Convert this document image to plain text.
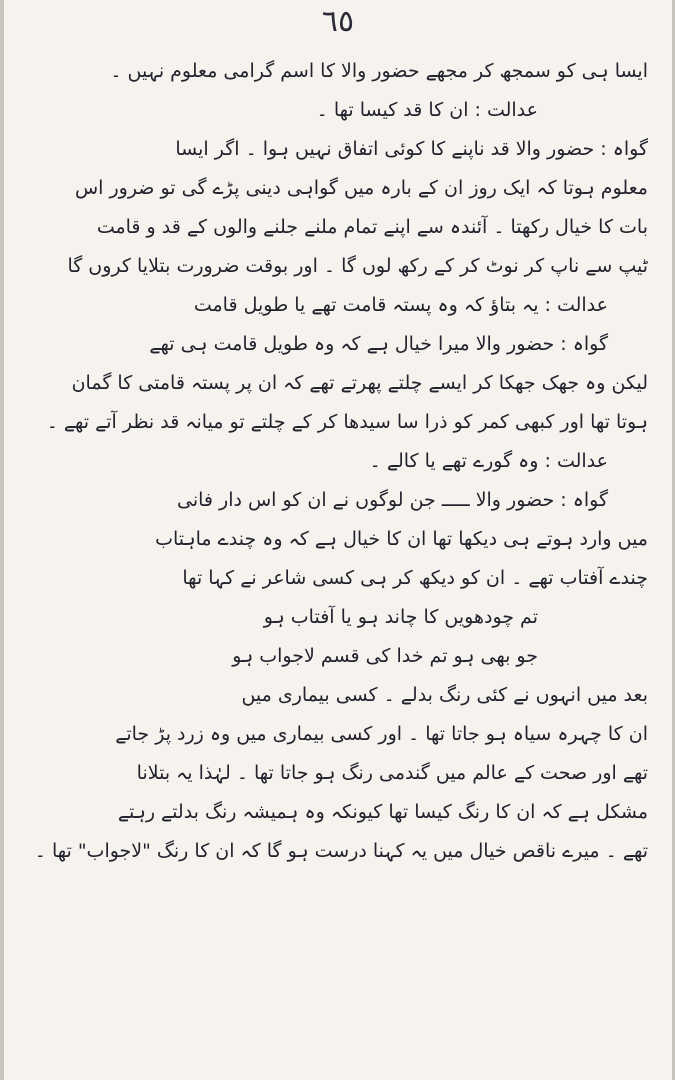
٦٥
ایسا ہی کو سمجھ کر مجھے حضور والا کا اسم گرامی معلوم نہیں ۔
عدالت : ان کا قد کیسا تھا ۔
گواہ : حضور والا قد ناپنے کا کوئی اتفاق نہیں ہوا ۔ اگر ایسا
معلوم ہوتا کہ ایک روز ان کے بارہ میں گواہی دینی پڑے گی تو ضرور اس
بات کا خیال رکھتا ۔ آئندہ سے اپنے تمام ملنے جلنے والوں کے قد و قامت
ٹیپ سے ناپ کر نوٹ کر کے رکھ لوں گا ۔ اور بوقت ضرورت بتلایا کروں گا
عدالت : یہ بتاؤ کہ وہ پستہ قامت تھے یا طویل قامت
گواہ : حضور والا میرا خیال ہے کہ وہ طویل قامت ہی تھے
لیکن وہ جھک جھکا کر ایسے چلتے پھرتے تھے کہ ان پر پستہ قامتی کا گمان
ہوتا تھا اور کبھی کمر کو ذرا سا سیدھا کر کے چلتے تو میانہ قد نظر آتے تھے ۔
عدالت : وہ گورے تھے یا کالے ۔
گواہ : حضور والا ـــــ جن لوگوں نے ان کو اس دار فانی
میں وارد ہوتے ہی دیکھا تھا ان کا خیال ہے کہ وہ چندے ماہتاب
چندے آفتاب تھے ۔ ان کو دیکھ کر ہی کسی شاعر نے کہا تھا
تم چودھویں کا چاند ہو یا آفتاب ہو
جو بھی ہو تم خدا کی قسم لاجواب ہو
بعد میں انہوں نے کئی رنگ بدلے ۔ کسی بیماری میں
ان کا چہرہ سیاہ ہو جاتا تھا ۔ اور کسی بیماری میں وہ زرد پڑ جاتے
تھے اور صحت کے عالم میں گندمی رنگ ہو جاتا تھا ۔ لہٰذا یہ بتلانا
مشکل ہے کہ ان کا رنگ کیسا تھا کیونکہ وہ ہمیشہ رنگ بدلتے رہتے
تھے ۔ میرے ناقص خیال میں یہ کہنا درست ہو گا کہ ان کا رنگ "لاجواب" تھا ۔
